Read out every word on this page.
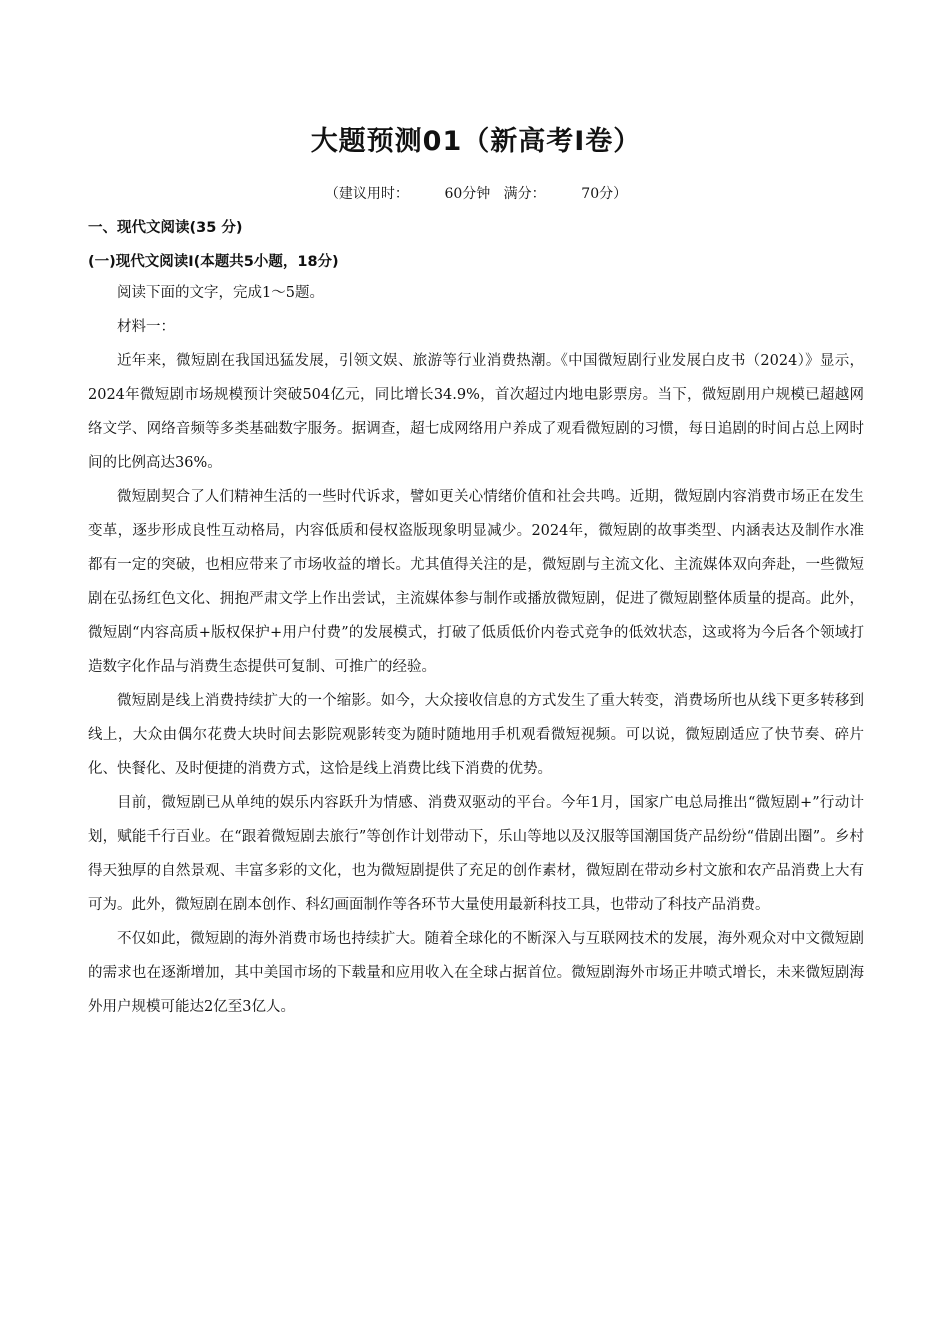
大题预测01（新高考Ⅰ卷）
（建议用时：	60分钟 满分：	70分）
一、现代文阅读(35 分)
(一)现代文阅读Ⅰ(本题共5小题，18分)

阅读下面的文字，完成1～5题。

材料一：

近年来，微短剧在我国迅猛发展，引领文娱、旅游等行业消费热潮。《中国微短剧行业发展白皮书（2024）》显示，2024年微短剧市场规模预计突破504亿元，同比增长34.9%，首次超过内地电影票房。当下，微短剧用户规模已超越网络文学、网络音频等多类基础数字服务。据调查，超七成网络用户养成了观看微短剧的习惯，每日追剧的时间占总上网时间的比例高达36%。

微短剧契合了人们精神生活的一些时代诉求，譬如更关心情绪价值和社会共鸣。近期，微短剧内容消费市场正在发生变革，逐步形成良性互动格局，内容低质和侵权盗版现象明显减少。2024年，微短剧的故事类型、内涵表达及制作水准都有一定的突破，也相应带来了市场收益的增长。尤其值得关注的是，微短剧与主流文化、主流媒体双向奔赴，一些微短剧在弘扬红色文化、拥抱严肃文学上作出尝试，主流媒体参与制作或播放微短剧，促进了微短剧整体质量的提高。此外，微短剧“内容高质+版权保护+用户付费”的发展模式，打破了低质低价内卷式竞争的低效状态，这或将为今后各个领域打造数字化作品与消费生态提供可复制、可推广的经验。

微短剧是线上消费持续扩大的一个缩影。如今，大众接收信息的方式发生了重大转变，消费场所也从线下更多转移到线上，大众由偶尔花费大块时间去影院观影转变为随时随地用手机观看微短视频。可以说，微短剧适应了快节奏、碎片化、快餐化、及时便捷的消费方式，这恰是线上消费比线下消费的优势。

目前，微短剧已从单纯的娱乐内容跃升为情感、消费双驱动的平台。今年1月，国家广电总局推出“微短剧+”行动计划，赋能千行百业。在“跟着微短剧去旅行”等创作计划带动下，乐山等地以及汉服等国潮国货产品纷纷“借剧出圈”。乡村得天独厚的自然景观、丰富多彩的文化，也为微短剧提供了充足的创作素材，微短剧在带动乡村文旅和农产品消费上大有可为。此外，微短剧在剧本创作、科幻画面制作等各环节大量使用最新科技工具，也带动了科技产品消费。

不仅如此，微短剧的海外消费市场也持续扩大。随着全球化的不断深入与互联网技术的发展，海外观众对中文微短剧的需求也在逐渐增加，其中美国市场的下载量和应用收入在全球占据首位。微短剧海外市场正井喷式增长，未来微短剧海外用户规模可能达2亿至3亿人。
